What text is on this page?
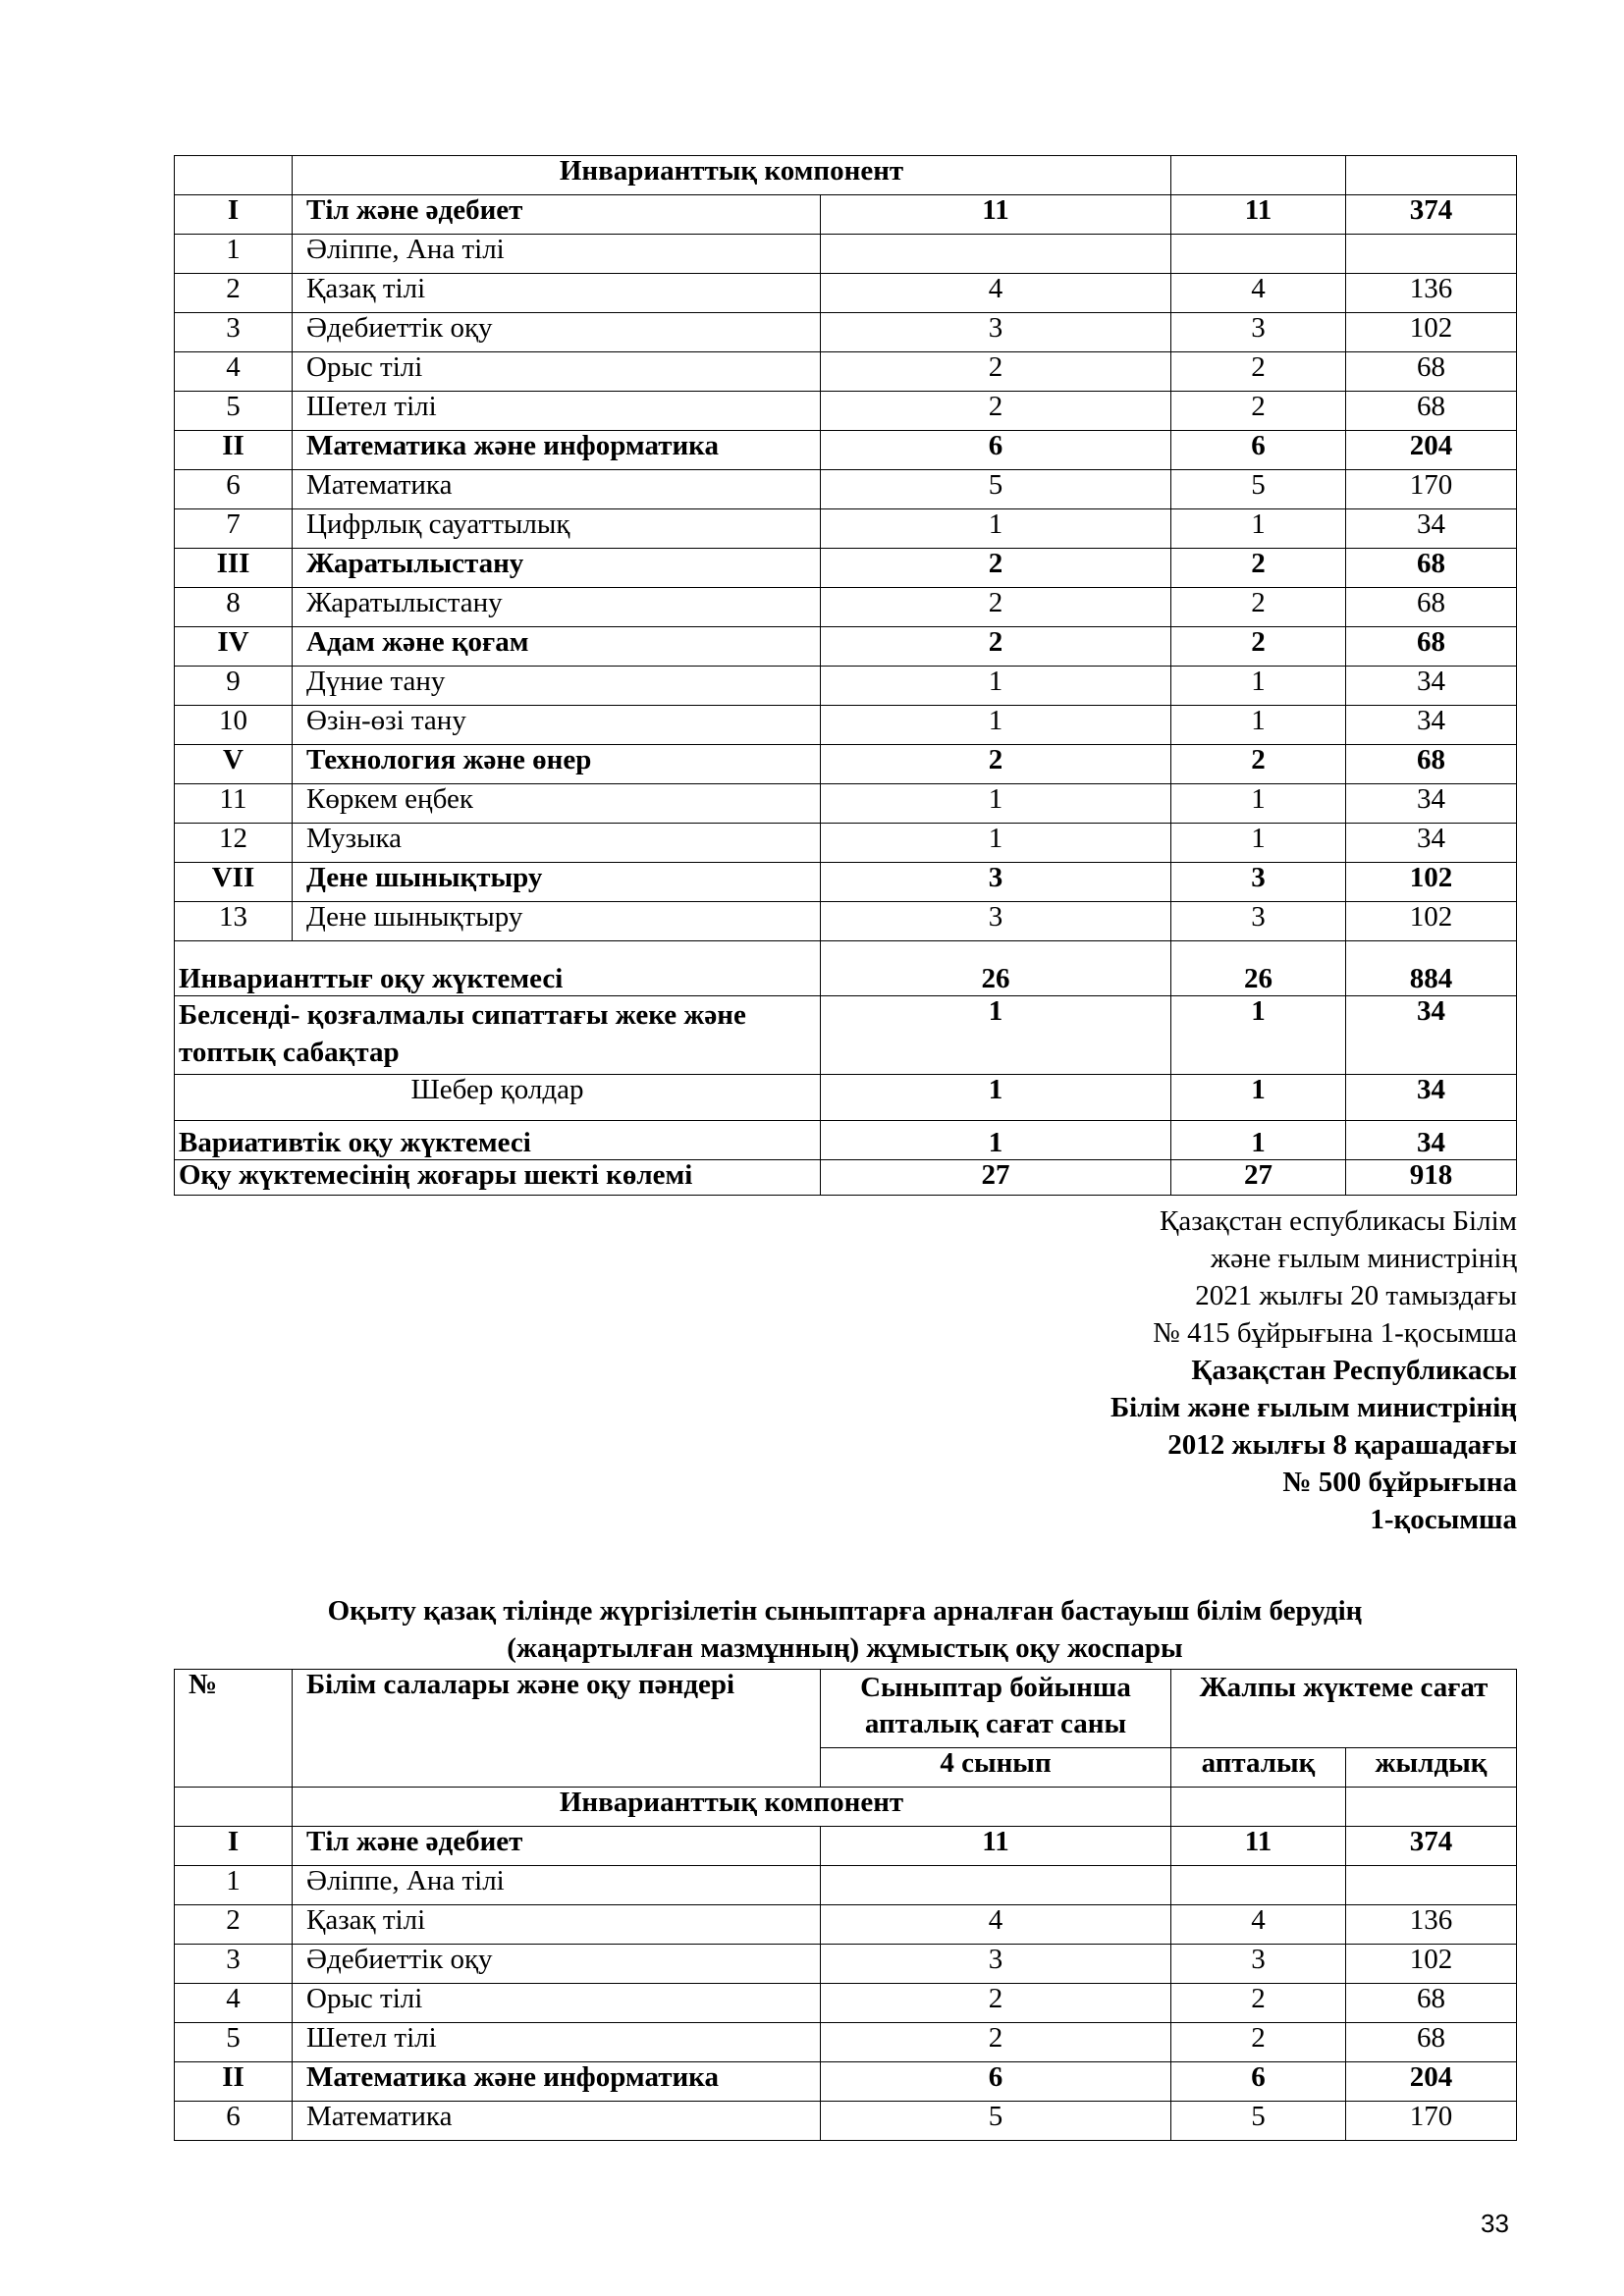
	Инварианттық компонент			
I	Тіл және әдебиет	11	11	374
1	Әліппе, Ана тілі			
2	Қазақ тілі	4	4	136
3	Әдебиеттік оқу	3	3	102
4	Орыс тілі	2	2	68
5	Шетел тілі	2	2	68
II	Математика және информатика	6	6	204
6	Математика	5	5	170
7	Цифрлық сауаттылық	1	1	34
III	Жаратылыстану	2	2	68
8	Жаратылыстану	2	2	68
IV	Адам және қоғам	2	2	68
9	Дүние тану	1	1	34
10	Өзін-өзі тану	1	1	34
V	Технология және өнер	2	2	68
11	Көркем еңбек	1	1	34
12	Музыка	1	1	34
VII	Дене шынықтыру	3	3	102
13	Дене шынықтыру	3	3	102
Инварианттығ оқу жүктемесі		26	26	884
Белсенді- қозғалмалы сипаттағы жеке және топтық сабақтар		1	1	34
Шебер қолдар		1	1	34
Вариативтік оқу жүктемесі		1	1	34
Оқу жүктемесінің жоғары шекті көлемі		27	27	918
Қазақстан еспубликасы Білім
және ғылым министрінің
2021 жылғы 20 тамыздағы
№ 415 бұйрығына 1-қосымша
Қазақстан Республикасы
Білім және ғылым министрінің
2012 жылғы 8 қарашадағы
№ 500 бұйрығына
1-қосымша
Оқыту қазақ тілінде жүргізілетін сыныптарға арналған бастауыш білім берудің
(жаңартылған мазмұнның) жұмыстық оқу жоспары
№	Білім салалары және оқу пәндері	Сыныптар бойынша апталық сағат саны	Жалпы жүктеме сағат	
		4 сынып	апталық	жылдық
	Инварианттық компонент			
I	Тіл және әдебиет	11	11	374
1	Әліппе, Ана тілі			
2	Қазақ тілі	4	4	136
3	Әдебиеттік оқу	3	3	102
4	Орыс тілі	2	2	68
5	Шетел тілі	2	2	68
II	Математика және информатика	6	6	204
6	Математика	5	5	170
33
